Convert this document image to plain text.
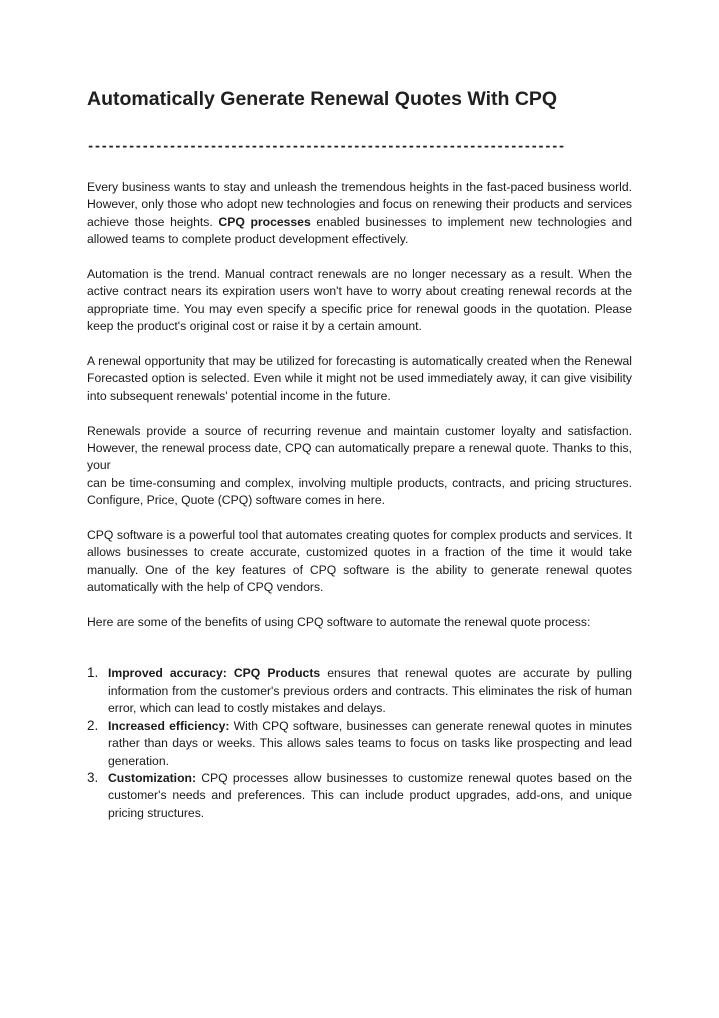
Automatically Generate Renewal Quotes With CPQ
----------------------------------------------------------------------

Every business wants to stay and unleash the tremendous heights in the fast-paced business world. However, only those who adopt new technologies and focus on renewing their products and services achieve those heights. CPQ processes enabled businesses to implement new technologies and allowed teams to complete product development effectively.

Automation is the trend. Manual contract renewals are no longer necessary as a result. When the active contract nears its expiration users won't have to worry about creating renewal records at the appropriate time. You may even specify a specific price for renewal goods in the quotation. Please keep the product's original cost or raise it by a certain amount.

A renewal opportunity that may be utilized for forecasting is automatically created when the Renewal Forecasted option is selected. Even while it might not be used immediately away, it can give visibility into subsequent renewals' potential income in the future.

Renewals provide a source of recurring revenue and maintain customer loyalty and satisfaction. However, the renewal process date, CPQ can automatically prepare a renewal quote. Thanks to this, your
can be time-consuming and complex, involving multiple products, contracts, and pricing structures. Configure, Price, Quote (CPQ) software comes in here.

CPQ software is a powerful tool that automates creating quotes for complex products and services. It allows businesses to create accurate, customized quotes in a fraction of the time it would take manually. One of the key features of CPQ software is the ability to generate renewal quotes automatically with the help of CPQ vendors.

Here are some of the benefits of using CPQ software to automate the renewal quote process:

1. Improved accuracy: CPQ Products ensures that renewal quotes are accurate by pulling information from the customer's previous orders and contracts. This eliminates the risk of human error, which can lead to costly mistakes and delays.
2. Increased efficiency: With CPQ software, businesses can generate renewal quotes in minutes rather than days or weeks. This allows sales teams to focus on tasks like prospecting and lead generation.
3. Customization: CPQ processes allow businesses to customize renewal quotes based on the customer's needs and preferences. This can include product upgrades, add-ons, and unique pricing structures.
